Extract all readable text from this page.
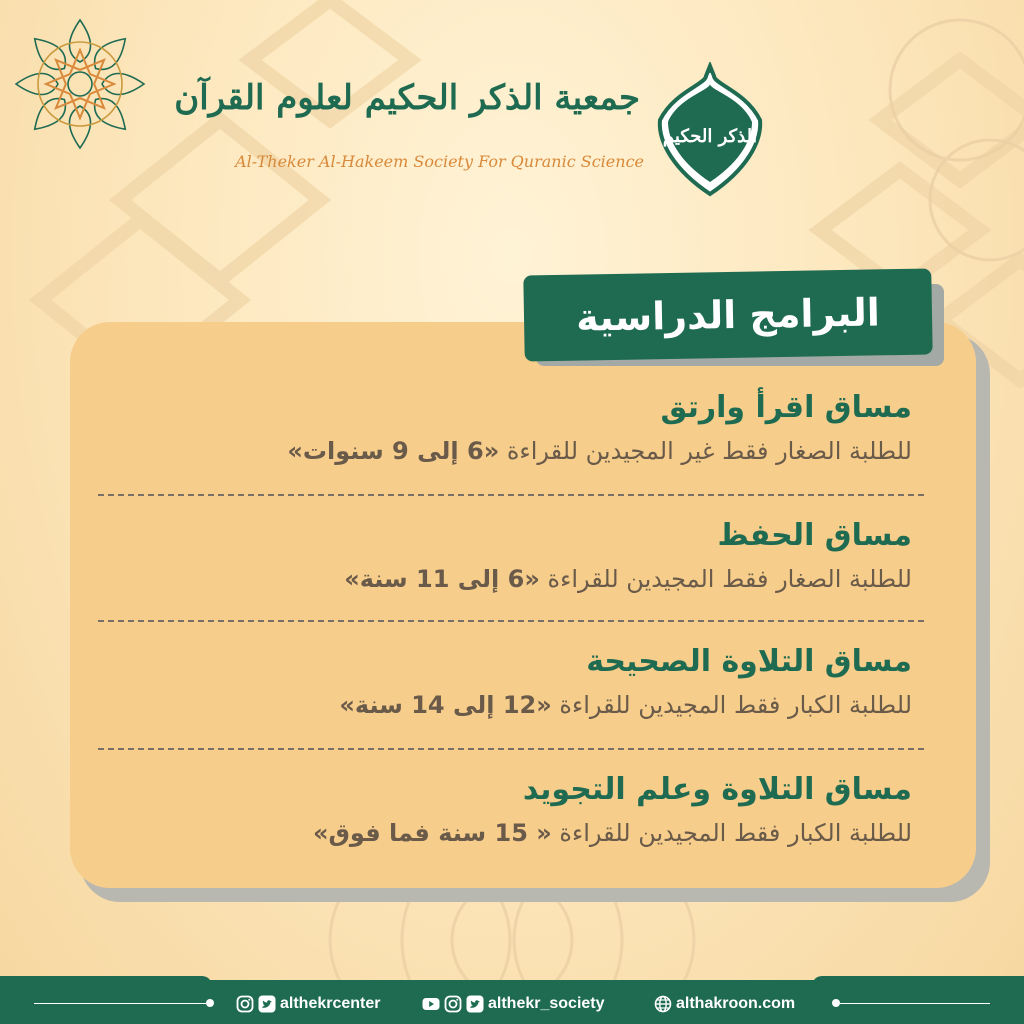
جمعية الذكر الحكيم لعلوم القرآن
Al-Theker Al-Hakeem Society For Quranic Science
الذكر الحكيم
البرامج الدراسية
مساق اقرأ وارتق
للطلبة الصغار فقط غير المجيدين للقراءة «6 إلى 9 سنوات»
مساق الحفظ
للطلبة الصغار فقط المجيدين للقراءة «6 إلى 11 سنة»
مساق التلاوة الصحيحة
للطلبة الكبار فقط المجيدين للقراءة «12 إلى 14 سنة»
مساق التلاوة وعلم التجويد
للطلبة الكبار فقط المجيدين للقراءة « 15 سنة فما فوق»
althekrcenter	althekr_society	althakroon.com
